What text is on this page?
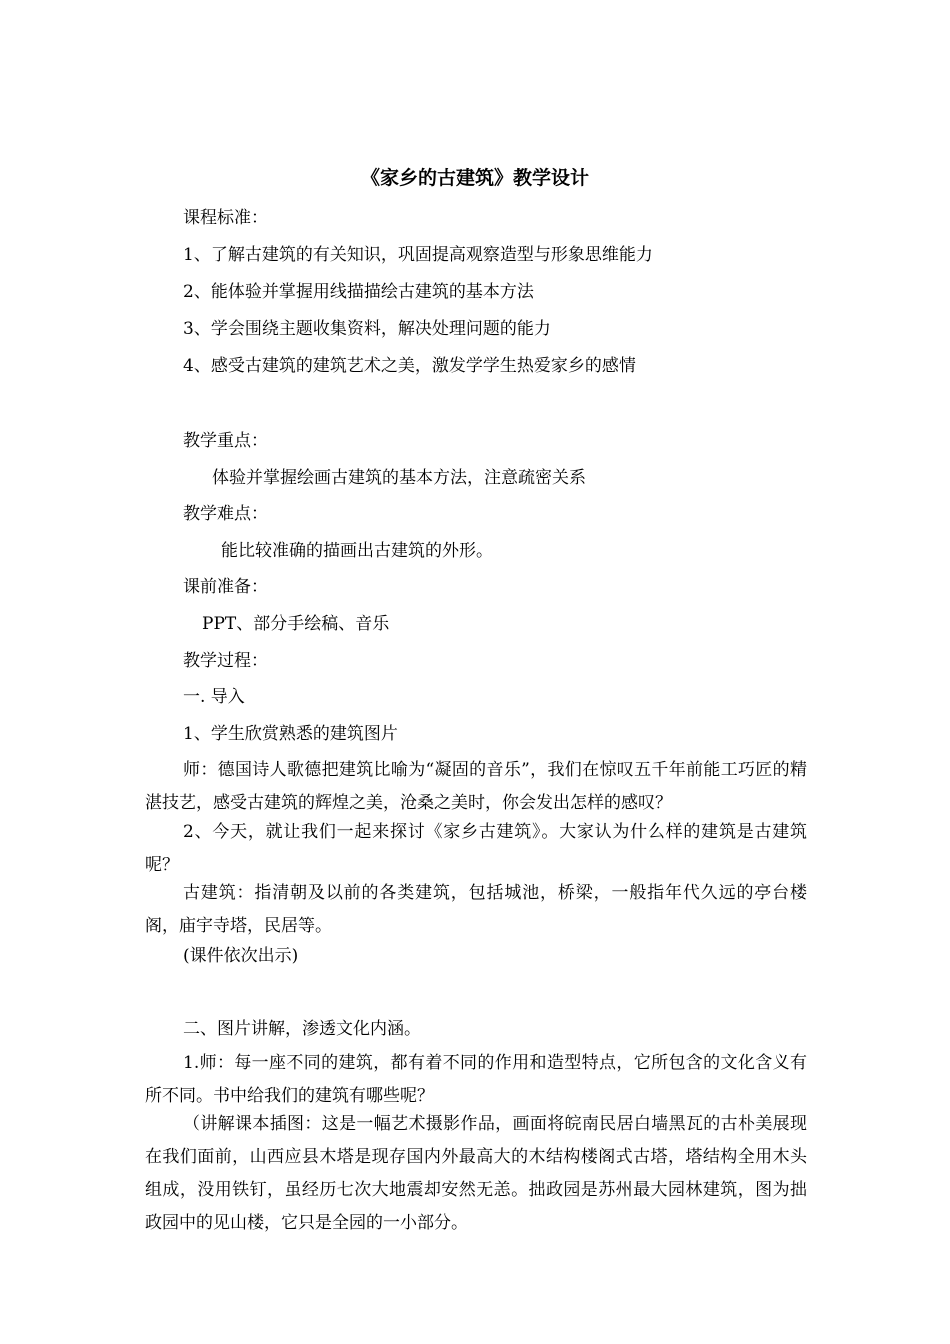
《家乡的古建筑》教学设计
课程标准：
1、了解古建筑的有关知识，巩固提高观察造型与形象思维能力
2、能体验并掌握用线描描绘古建筑的基本方法
3、学会围绕主题收集资料，解决处理问题的能力
4、感受古建筑的建筑艺术之美，激发学学生热爱家乡的感情
教学重点：
体验并掌握绘画古建筑的基本方法，注意疏密关系
教学难点：
能比较准确的描画出古建筑的外形。
课前准备：
PPT、部分手绘稿、音乐
教学过程：
一. 导入
1、学生欣赏熟悉的建筑图片
师：德国诗人歌德把建筑比喻为“凝固的音乐”，我们在惊叹五千年前能工巧匠的精湛技艺，感受古建筑的辉煌之美，沧桑之美时，你会发出怎样的感叹？
2、今天，就让我们一起来探讨《家乡古建筑》。大家认为什么样的建筑是古建筑呢？
古建筑：指清朝及以前的各类建筑，包括城池，桥梁，一般指年代久远的亭台楼阁，庙宇寺塔，民居等。
(课件依次出示)
二、图片讲解，渗透文化内涵。
1.师：每一座不同的建筑，都有着不同的作用和造型特点，它所包含的文化含义有所不同。书中给我们的建筑有哪些呢？
（讲解课本插图：这是一幅艺术摄影作品，画面将皖南民居白墙黑瓦的古朴美展现在我们面前，山西应县木塔是现存国内外最高大的木结构楼阁式古塔，塔结构全用木头组成，没用铁钉，虽经历七次大地震却安然无恙。拙政园是苏州最大园林建筑，图为拙政园中的见山楼，它只是全园的一小部分。
